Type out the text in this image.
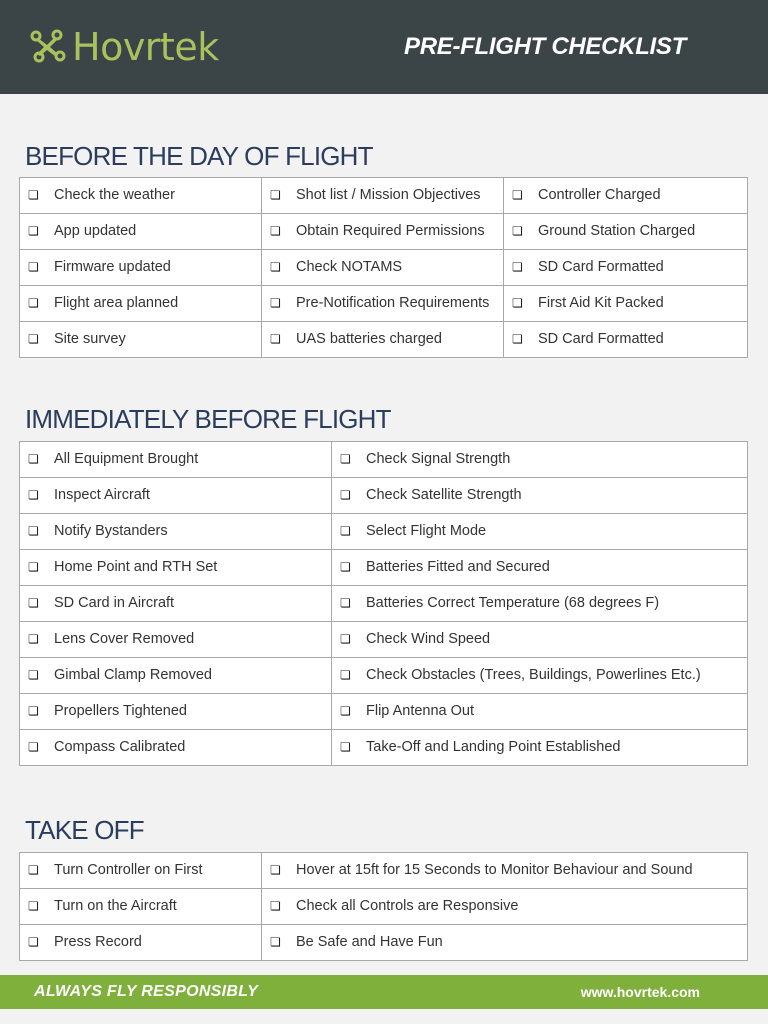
Hovrtek	PRE-FLIGHT CHECKLIST
BEFORE THE DAY OF FLIGHT
❏ Check the weather	❏ Shot list / Mission Objectives	❏ Controller Charged

❏ App updated	❏ Obtain Required Permissions	❏ Ground Station Charged

❏ Firmware updated	❏ Check NOTAMS	❏ SD Card Formatted

❏ Flight area planned	❏ Pre-Notification Requirements	❏ First Aid Kit Packed

❏ Site survey	❏ UAS batteries charged	❏ SD Card Formatted
IMMEDIATELY BEFORE FLIGHT
❏ All Equipment Brought	❏ Check Signal Strength

❏ Inspect Aircraft	❏ Check Satellite Strength

❏ Notify Bystanders	❏ Select Flight Mode

❏ Home Point and RTH Set	❏ Batteries Fitted and Secured

❏ SD Card in Aircraft	❏ Batteries Correct Temperature (68 degrees F)

❏ Lens Cover Removed	❏ Check Wind Speed

❏ Gimbal Clamp Removed	❏ Check Obstacles (Trees, Buildings, Powerlines Etc.)

❏ Propellers Tightened	❏ Flip Antenna Out

❏ Compass Calibrated	❏ Take-Off and Landing Point Established
TAKE OFF
❏ Turn Controller on First	❏ Hover at 15ft for 15 Seconds to Monitor Behaviour and Sound

❏ Turn on the Aircraft	❏ Check all Controls are Responsive

❏ Press Record	❏ Be Safe and Have Fun
ALWAYS FLY RESPONSIBLY	www.hovrtek.com
